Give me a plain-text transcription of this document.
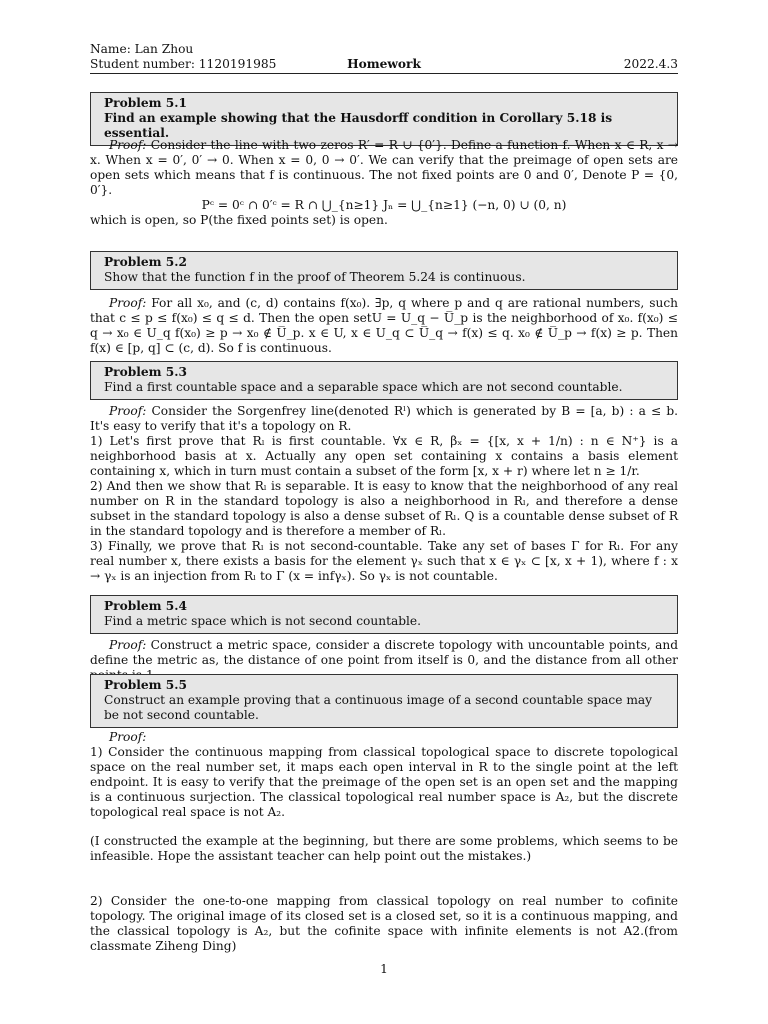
Name: Lan Zhou
Student number: 1120191985	Homework	2022.4.3
Problem 5.1
Find an example showing that the Hausdorff condition in Corollary 5.18 is essential.

Proof: Consider the line with two zeros R′ = R ∪ {0′}. Define a function f. When x ∈ R, x → x. When x = 0′, 0′ → 0. When x = 0, 0 → 0′. We can verify that the preimage of open sets are open sets which means that f is continuous. The not fixed points are 0 and 0′, Denote P = {0, 0′}.

Pᶜ = 0ᶜ ∩ 0′ᶜ = R ∩ ⋃_{n≥1} Jₙ = ⋃_{n≥1} (−n, 0) ∪ (0, n)

which is open, so P(the fixed points set) is open.

Problem 5.2
Show that the function f in the proof of Theorem 5.24 is continuous.

Proof: For all x₀, and (c, d) contains f(x₀). ∃p, q where p and q are rational numbers, such that c ≤ p ≤ f(x₀) ≤ q ≤ d. Then the open setU = U_q − U̅_p is the neighborhood of x₀. f(x₀) ≤ q → x₀ ∈ U_q f(x₀) ≥ p → x₀ ∉ U̅_p. x ∈ U, x ∈ U_q ⊂ U̅_q → f(x) ≤ q. x₀ ∉ U̅_p → f(x) ≥ p. Then f(x) ∈ [p, q] ⊂ (c, d). So f is continuous.

Problem 5.3
Find a first countable space and a separable space which are not second countable.

Proof: Consider the Sorgenfrey line(denoted Rˡ) which is generated by B = [a, b) : a ≤ b. It's easy to verify that it's a topology on R.

1) Let's first prove that Rₗ is first countable. ∀x ∈ R, βₓ = {[x, x + 1/n) : n ∈ N⁺} is a neighborhood basis at x. Actually any open set containing x contains a basis element containing x, which in turn must contain a subset of the form [x, x + r) where let n ≥ 1/r.

2) And then we show that Rₗ is separable. It is easy to know that the neighborhood of any real number on R in the standard topology is also a neighborhood in Rₗ, and therefore a dense subset in the standard topology is also a dense subset of Rₗ. Q is a countable dense subset of R in the standard topology and is therefore a member of Rₗ.

3) Finally, we prove that Rₗ is not second-countable. Take any set of bases Γ for Rₗ. For any real number x, there exists a basis for the element γₓ such that x ∈ γₓ ⊂ [x, x + 1), where f : x → γₓ is an injection from Rₗ to Γ (x = infγₓ). So γₓ is not countable.

Problem 5.4
Find a metric space which is not second countable.

Proof: Construct a metric space, consider a discrete topology with uncountable points, and define the metric as, the distance of one point from itself is 0, and the distance from all other

Problem 5.5
Construct an example proving that a continuous image of a second countable space may be not second countable.

Proof:

1) Consider the continuous mapping from classical topological space to discrete topological space on the real number set, it maps each open interval in R to the single point at the left endpoint. It is easy to verify that the preimage of the open set is an open set and the mapping is a continuous surjection. The classical topological real number space is A₂, but the discrete topological real space is not A₂.

(I constructed the example at the beginning, but there are some problems, which seems to be infeasible. Hope the assistant teacher can help point out the mistakes.)

2) Consider the one-to-one mapping from classical topology on real number to cofinite topology. The original image of its closed set is a closed set, so it is a continuous mapping, and the classical topology is A₂, but the cofinite space with infinite elements is not A2.(from classmate Ziheng Ding)

1
